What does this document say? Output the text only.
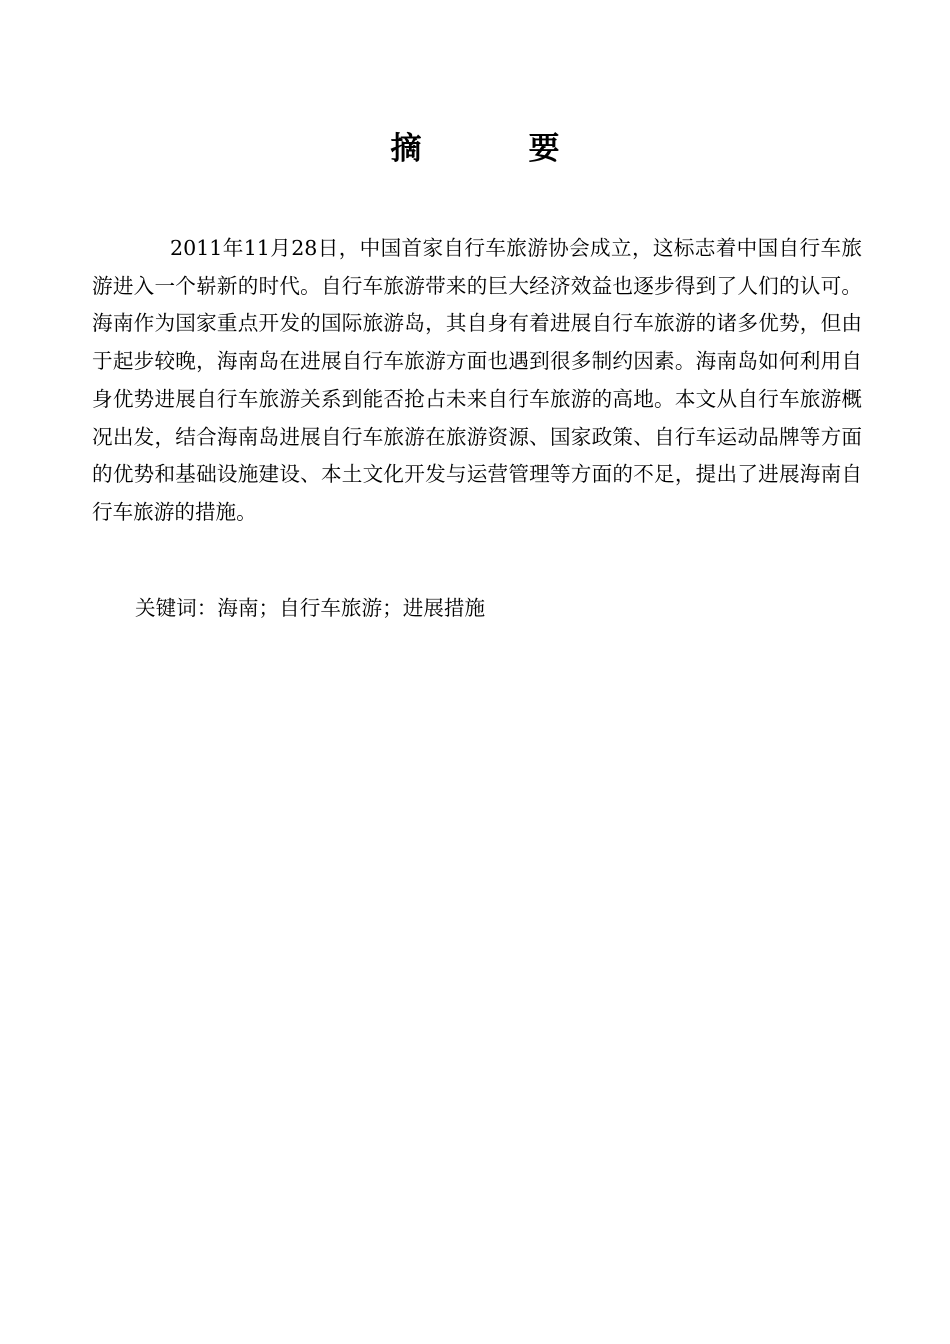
摘　要

2011年11月28日，中国首家自行车旅游协会成立，这标志着中国自行车旅游进入一个崭新的时代。自行车旅游带来的巨大经济效益也逐步得到了人们的认可。海南作为国家重点开发的国际旅游岛，其自身有着进展自行车旅游的诸多优势，但由于起步较晚，海南岛在进展自行车旅游方面也遇到很多制约因素。海南岛如何利用自身优势进展自行车旅游关系到能否抢占未来自行车旅游的高地。本文从自行车旅游概况出发，结合海南岛进展自行车旅游在旅游资源、国家政策、自行车运动品牌等方面的优势和基础设施建设、本土文化开发与运营管理等方面的不足，提出了进展海南自行车旅游的措施。

关键词：海南；自行车旅游；进展措施
